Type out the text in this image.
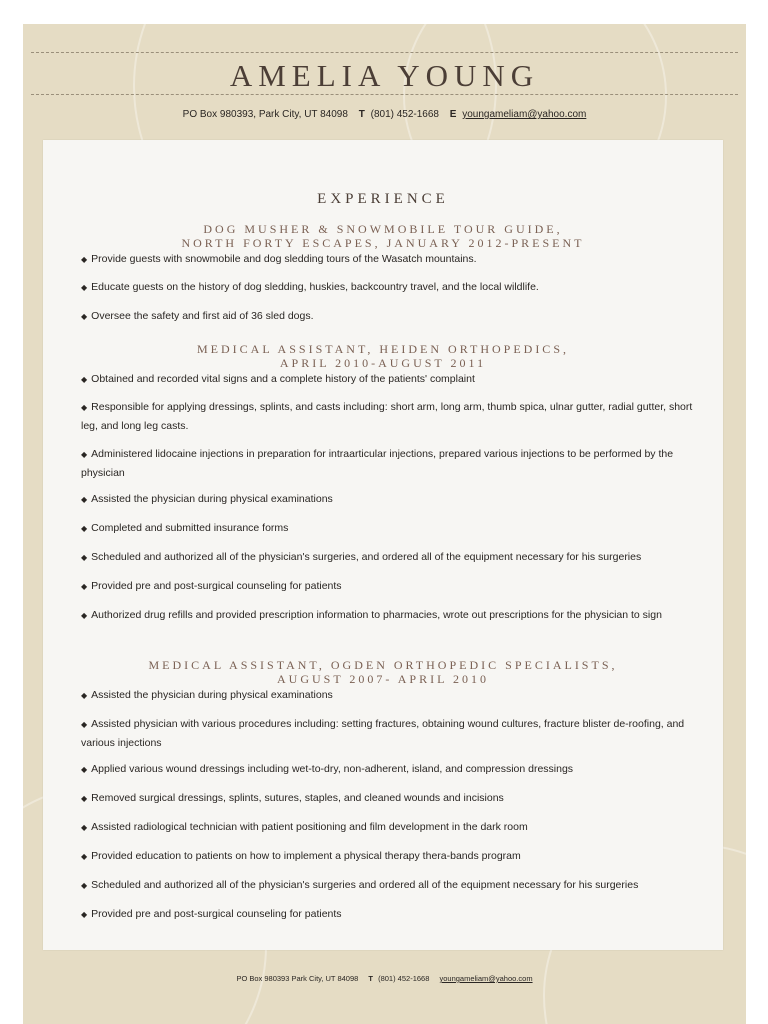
AMELIA YOUNG
PO Box 980393, Park City, UT 84098 T (801) 452-1668 E youngameliam@yahoo.com
EXPERIENCE
DOG MUSHER & SNOWMOBILE TOUR GUIDE,
NORTH FORTY ESCAPES, JANUARY 2012-PRESENT
◆ Provide guests with snowmobile and dog sledding tours of the Wasatch mountains.
◆ Educate guests on the history of dog sledding, huskies, backcountry travel, and the local wildlife.
◆ Oversee the safety and first aid of 36 sled dogs.
MEDICAL ASSISTANT, HEIDEN ORTHOPEDICS,
APRIL 2010-AUGUST 2011
◆ Obtained and recorded vital signs and a complete history of the patients' complaint
◆ Responsible for applying dressings, splints, and casts including: short arm, long arm, thumb spica, ulnar gutter, radial gutter, short leg, and long leg casts.
◆ Administered lidocaine injections in preparation for intraarticular injections, prepared various injections to be performed by the physician
◆ Assisted the physician during physical examinations
◆ Completed and submitted insurance forms
◆ Scheduled and authorized all of the physician's surgeries, and ordered all of the equipment necessary for his surgeries
◆ Provided pre and post-surgical counseling for patients
◆ Authorized drug refills and provided prescription information to pharmacies, wrote out prescriptions for the physician to sign
MEDICAL ASSISTANT, OGDEN ORTHOPEDIC SPECIALISTS,
AUGUST 2007- APRIL 2010
◆ Assisted the physician during physical examinations
◆ Assisted physician with various procedures including: setting fractures, obtaining wound cultures, fracture blister de-roofing, and various injections
◆ Applied various wound dressings including wet-to-dry, non-adherent, island, and compression dressings
◆ Removed surgical dressings, splints, sutures, staples, and cleaned wounds and incisions
◆ Assisted radiological technician with patient positioning and film development in the dark room
◆ Provided education to patients on how to implement a physical therapy thera-bands program
◆ Scheduled and authorized all of the physician's surgeries and ordered all of the equipment necessary for his surgeries
◆ Provided pre and post-surgical counseling for patients
PO Box 980393 Park City, UT 84098 T (801) 452-1668 youngameliam@yahoo.com
